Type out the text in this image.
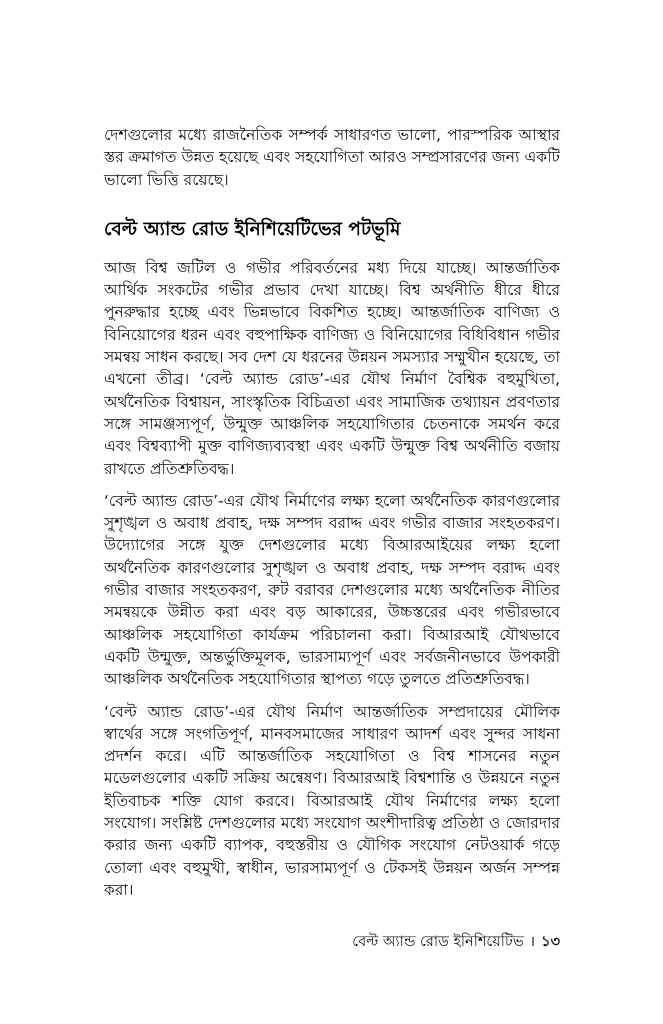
দেশগুলোর মধ্যে রাজনৈতিক সম্পর্ক সাধারণত ভালো, পারস্পরিক আস্থার স্তর ক্রমাগত উন্নত হয়েছে এবং সহযোগিতা আরও সম্প্রসারণের জন্য একটি ভালো ভিত্তি রয়েছে।

বেল্ট অ্যান্ড রোড ইনিশিয়েটিভের পটভূমি

আজ বিশ্ব জটিল ও গভীর পরিবর্তনের মধ্য দিয়ে যাচ্ছে। আন্তর্জাতিক আর্থিক সংকটের গভীর প্রভাব দেখা যাচ্ছে। বিশ্ব অর্থনীতি ধীরে ধীরে পুনরুদ্ধার হচ্ছে এবং ভিন্নভাবে বিকশিত হচ্ছে। আন্তর্জাতিক বাণিজ্য ও বিনিয়োগের ধরন এবং বহুপাক্ষিক বাণিজ্য ও বিনিয়োগের বিধিবিধান গভীর সমন্বয় সাধন করছে। সব দেশ যে ধরনের উন্নয়ন সমস্যার সম্মুখীন হয়েছে, তা এখনো তীব্র। ‘বেল্ট অ্যান্ড রোড’-এর যৌথ নির্মাণ বৈশ্বিক বহুমুখিতা, অর্থনৈতিক বিশ্বায়ন, সাংস্কৃতিক বিচিত্রতা এবং সামাজিক তথ্যায়ন প্রবণতার সঙ্গে সামঞ্জস্যপূর্ণ, উন্মুক্ত আঞ্চলিক সহযোগিতার চেতনাকে সমর্থন করে এবং বিশ্বব্যাপী মুক্ত বাণিজ্যব্যবস্থা এবং একটি উন্মুক্ত বিশ্ব অর্থনীতি বজায় রাখতে প্রতিশ্রুতিবদ্ধ।

‘বেল্ট অ্যান্ড রোড’-এর যৌথ নির্মাণের লক্ষ্য হলো অর্থনৈতিক কারণগুলোর সুশৃঙ্খল ও অবাধ প্রবাহ, দক্ষ সম্পদ বরাদ্দ এবং গভীর বাজার সংহতকরণ। উদ্যোগের সঙ্গে যুক্ত দেশগুলোর মধ্যে বিআরআইয়ের লক্ষ্য হলো অর্থনৈতিক কারণগুলোর সুশৃঙ্খল ও অবাধ প্রবাহ, দক্ষ সম্পদ বরাদ্দ এবং গভীর বাজার সংহতকরণ, রুট বরাবর দেশগুলোর মধ্যে অর্থনৈতিক নীতির সমন্বয়কে উন্নীত করা এবং বড় আকারের, উচ্চস্তরের এবং গভীরভাবে আঞ্চলিক সহযোগিতা কার্যক্রম পরিচালনা করা। বিআরআই যৌথভাবে একটি উন্মুক্ত, অন্তর্ভুক্তিমূলক, ভারসাম্যপূর্ণ এবং সর্বজনীনভাবে উপকারী আঞ্চলিক অর্থনৈতিক সহযোগিতার স্থাপত্য গড়ে তুলতে প্রতিশ্রুতিবদ্ধ।

‘বেল্ট অ্যান্ড রোড’-এর যৌথ নির্মাণ আন্তর্জাতিক সম্প্রদায়ের মৌলিক স্বার্থের সঙ্গে সংগতিপূর্ণ, মানবসমাজের সাধারণ আদর্শ এবং সুন্দর সাধনা প্রদর্শন করে। এটি আন্তর্জাতিক সহযোগিতা ও বিশ্ব শাসনের নতুন মডেলগুলোর একটি সক্রিয় অন্বেষণ। বিআরআই বিশ্বশান্তি ও উন্নয়নে নতুন ইতিবাচক শক্তি যোগ করবে। বিআরআই যৌথ নির্মাণের লক্ষ্য হলো সংযোগ। সংশ্লিষ্ট দেশগুলোর মধ্যে সংযোগ অংশীদারিত্ব প্রতিষ্ঠা ও জোরদার করার জন্য একটি ব্যাপক, বহুস্তরীয় ও যৌগিক সংযোগ নেটওয়ার্ক গড়ে তোলা এবং বহুমুখী, স্বাধীন, ভারসাম্যপূর্ণ ও টেকসই উন্নয়ন অর্জন সম্পন্ন করা।

বেল্ট অ্যান্ড রোড ইনিশিয়েটিভ । ১৩
